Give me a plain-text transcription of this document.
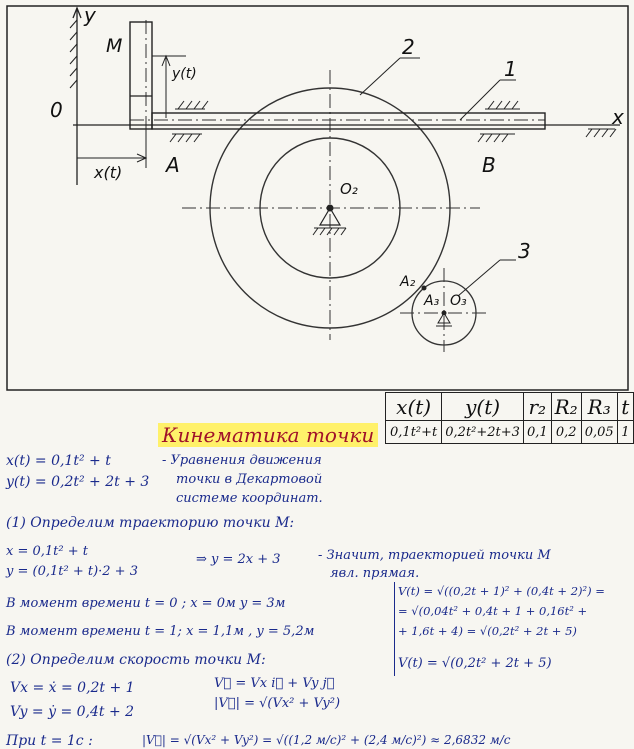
y
x
0
M
A	B
O₂
A₂
A₃ O₃
y(t)
x(t)
2
1
3
x(t)	y(t)	r₂	R₂	R₃	t
0,1t²+t	0,2t²+2t+3	0,1	0,2	0,05	1
Кинематика точки
x(t) = 0,1t² + t
y(t) = 0,2t² + 2t + 3
- Уравнения движения
точки в Декартовой
системе координат.
(1) Определим траекторию точки М:
x = 0,1t² + t
y = (0,1t² + t)·2 + 3
⇒ y = 2x + 3	- Значит, траекторией точки М
явл. прямая.
В момент времени t = 0 ; x = 0м y = 3м
В момент времени t = 1; x = 1,1м , y = 5,2м
V(t) = √((0,2t + 1)² + (0,4t + 2)²) =
= √(0,04t² + 0,4t + 1 + 0,16t² +
+ 1,6t + 4) = √(0,2t² + 2t + 5)
V(t) = √(0,2t² + 2t + 5)
(2) Определим скорость точки М:
Vx = ẋ = 0,2t + 1
Vy = ẏ = 0,4t + 2
V⃗ = Vx i⃗ + Vy j⃗
|V⃗| = √(Vx² + Vy²)
При t = 1с :	|V⃗| = √(Vx² + Vy²) = √((1,2 м/с)² + (2,4 м/с)²) ≈ 2,6832 м/с
